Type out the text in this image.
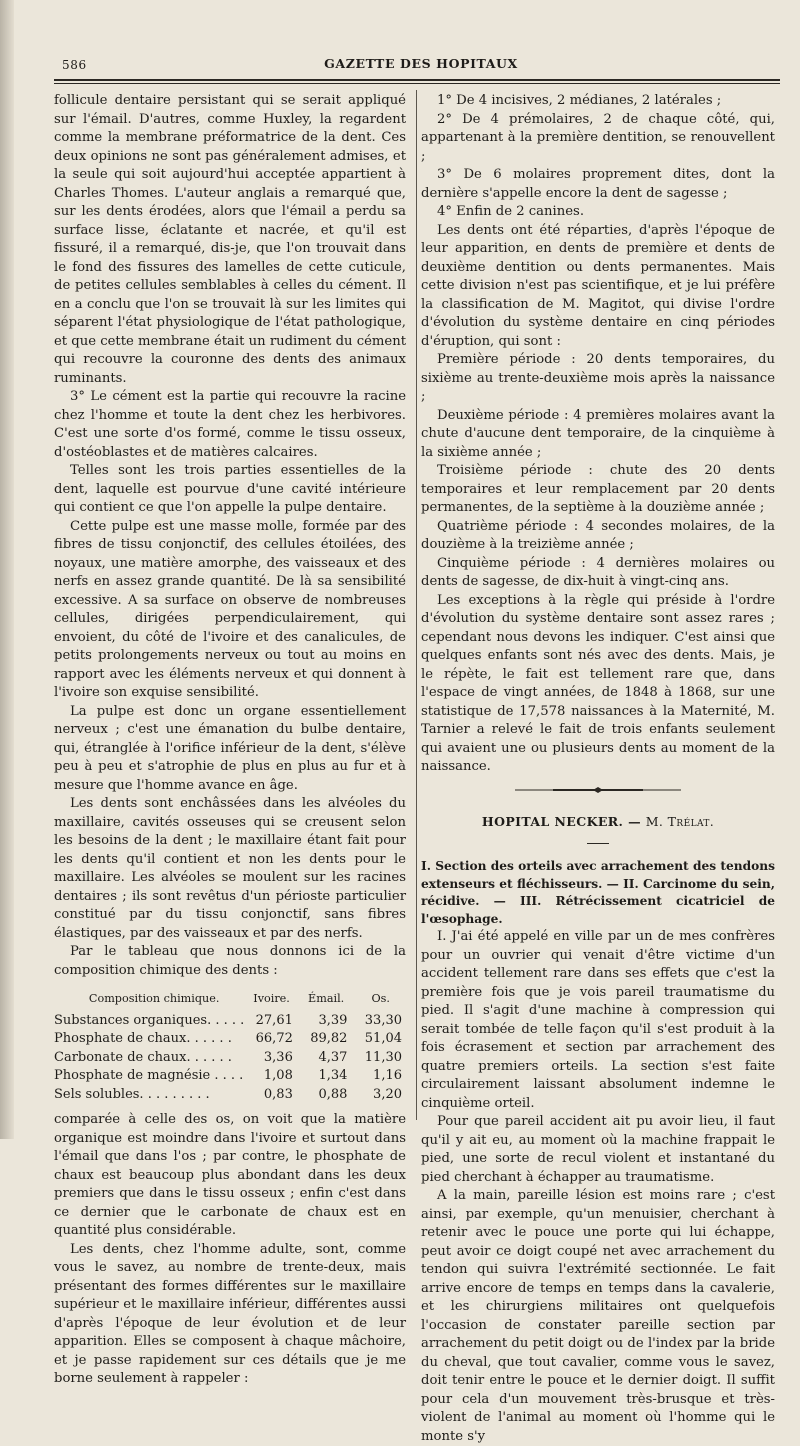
586	GAZETTE DES HOPITAUX

follicule dentaire persistant qui se serait appliqué sur l'émail. D'autres, comme Huxley, la regardent comme la membrane préformatrice de la dent. Ces deux opinions ne sont pas généralement admises, et la seule qui soit aujourd'hui acceptée appartient à Charles Thomes. L'auteur anglais a remarqué que, sur les dents érodées, alors que l'émail a perdu sa surface lisse, éclatante et nacrée, et qu'il est fissuré, il a remarqué, dis-je, que l'on trouvait dans le fond des fissures des lamelles de cette cuticule, de petites cellules semblables à celles du cément. Il en a conclu que l'on se trouvait là sur les limites qui séparent l'état physiologique de l'état pathologique, et que cette membrane était un rudiment du cément qui recouvre la couronne des dents des animaux ruminants.

3° Le cément est la partie qui recouvre la racine chez l'homme et toute la dent chez les herbivores. C'est une sorte d'os formé, comme le tissu osseux, d'ostéoblastes et de matières calcaires.

Telles sont les trois parties essentielles de la dent, laquelle est pourvue d'une cavité intérieure qui contient ce que l'on appelle la pulpe dentaire.

Cette pulpe est une masse molle, formée par des fibres de tissu conjonctif, des cellules étoilées, des noyaux, une matière amorphe, des vaisseaux et des nerfs en assez grande quantité. De là sa sensibilité excessive. A sa surface on observe de nombreuses cellules, dirigées perpendiculairement, qui envoient, du côté de l'ivoire et des canalicules, de petits prolongements nerveux ou tout au moins en rapport avec les éléments nerveux et qui donnent à l'ivoire son exquise sensibilité.

La pulpe est donc un organe essentiellement nerveux ; c'est une émanation du bulbe dentaire, qui, étranglée à l'orifice inférieur de la dent, s'élève peu à peu et s'atrophie de plus en plus au fur et à mesure que l'homme avance en âge.

Les dents sont enchâssées dans les alvéoles du maxillaire, cavités osseuses qui se creusent selon les besoins de la dent ; le maxillaire étant fait pour les dents qu'il contient et non les dents pour le maxillaire. Les alvéoles se moulent sur les racines dentaires ; ils sont revêtus d'un périoste particulier constitué par du tissu conjonctif, sans fibres élastiques, par des vaisseaux et par des nerfs.

Par le tableau que nous donnons ici de la composition chimique des dents :

Composition chimique.	Ivoire.	Émail.	Os.
Substances organiques. . . . .	27,61	3,39	33,30
Phosphate de chaux. . . . . .	66,72	89,82	51,04
Carbonate de chaux. . . . . .	3,36	4,37	11,30
Phosphate de magnésie . . . .	1,08	1,34	1,16
Sels solubles. . . . . . . . .	0,83	0,88	3,20

comparée à celle des os, on voit que la matière organique est moindre dans l'ivoire et surtout dans l'émail que dans l'os ; par contre, le phosphate de chaux est beaucoup plus abondant dans les deux premiers que dans le tissu osseux ; enfin c'est dans ce dernier que le carbonate de chaux est en quantité plus considérable.

Les dents, chez l'homme adulte, sont, comme vous le savez, au nombre de trente-deux, mais présentant des formes différentes sur le maxillaire supérieur et le maxillaire inférieur, différentes aussi d'après l'époque de leur évolution et de leur apparition. Elles se composent à chaque mâchoire, et je passe rapidement sur ces détails que je me borne seulement à rappeler :

1° De 4 incisives, 2 médianes, 2 latérales ;

2° De 4 prémolaires, 2 de chaque côté, qui, appartenant à la première dentition, se renouvellent ;

3° De 6 molaires proprement dites, dont la dernière s'appelle encore la dent de sagesse ;

4° Enfin de 2 canines.

Les dents ont été réparties, d'après l'époque de leur apparition, en dents de première et dents de deuxième dentition ou dents permanentes. Mais cette division n'est pas scientifique, et je lui préfère la classification de M. Magitot, qui divise l'ordre d'évolution du système dentaire en cinq périodes d'éruption, qui sont :

Première période : 20 dents temporaires, du sixième au trente-deuxième mois après la naissance ;

Deuxième période : 4 premières molaires avant la chute d'aucune dent temporaire, de la cinquième à la sixième année ;

Troisième période : chute des 20 dents temporaires et leur remplacement par 20 dents permanentes, de la septième à la douzième année ;

Quatrième période : 4 secondes molaires, de la douzième à la treizième année ;

Cinquième période : 4 dernières molaires ou dents de sagesse, de dix-huit à vingt-cinq ans.

Les exceptions à la règle qui préside à l'ordre d'évolution du système dentaire sont assez rares ; cependant nous devons les indiquer. C'est ainsi que quelques enfants sont nés avec des dents. Mais, je le répète, le fait est tellement rare que, dans l'espace de vingt années, de 1848 à 1868, sur une statistique de 17,578 naissances à la Maternité, M. Tarnier a relevé le fait de trois enfants seulement qui avaient une ou plusieurs dents au moment de la naissance.

HOPITAL NECKER. — M. Trélat.

I. Section des orteils avec arrachement des tendons extenseurs et fléchisseurs. — II. Carcinome du sein, récidive. — III. Rétrécissement cicatriciel de l'œsophage.

I. J'ai été appelé en ville par un de mes confrères pour un ouvrier qui venait d'être victime d'un accident tellement rare dans ses effets que c'est la première fois que je vois pareil traumatisme du pied. Il s'agit d'une machine à compression qui serait tombée de telle façon qu'il s'est produit à la fois écrasement et section par arrachement des quatre premiers orteils. La section s'est faite circulairement laissant absolument indemne le cinquième orteil.

Pour que pareil accident ait pu avoir lieu, il faut qu'il y ait eu, au moment où la machine frappait le pied, une sorte de recul violent et instantané du pied cherchant à échapper au traumatisme.

A la main, pareille lésion est moins rare ; c'est ainsi, par exemple, qu'un menuisier, cherchant à retenir avec le pouce une porte qui lui échappe, peut avoir ce doigt coupé net avec arrachement du tendon qui suivra l'extrémité sectionnée. Le fait arrive encore de temps en temps dans la cavalerie, et les chirurgiens militaires ont quelquefois l'occasion de constater pareille section par arrachement du petit doigt ou de l'index par la bride du cheval, que tout cavalier, comme vous le savez, doit tenir entre le pouce et le dernier doigt. Il suffit pour cela d'un mouvement très-brusque et très-violent de l'animal au moment où l'homme qui le monte s'y
